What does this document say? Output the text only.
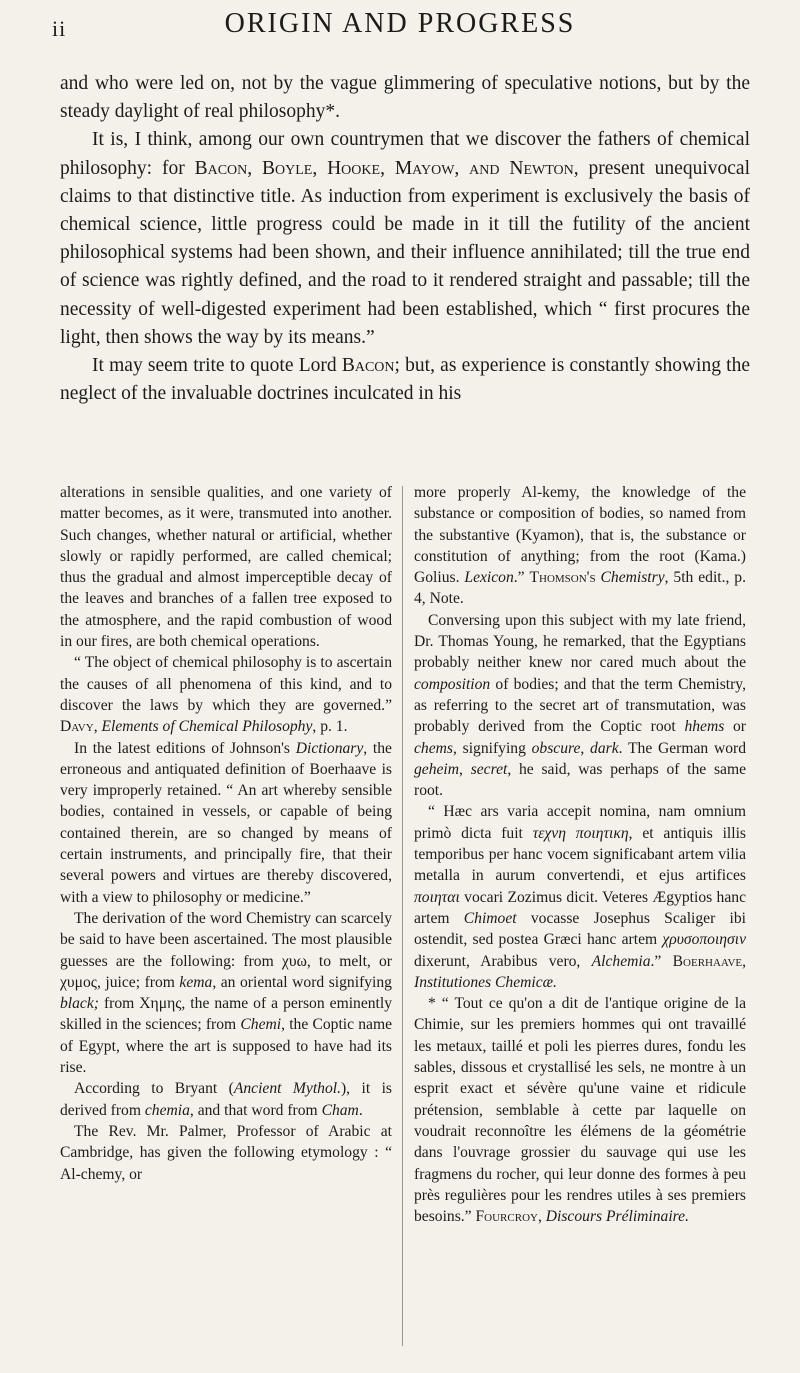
ii	ORIGIN AND PROGRESS

and who were led on, not by the vague glimmering of speculative notions, but by the steady daylight of real philosophy*.

It is, I think, among our own countrymen that we discover the fathers of chemical philosophy: for Bacon, Boyle, Hooke, Mayow, and Newton, present unequivocal claims to that distinctive title. As induction from experiment is exclusively the basis of chemical science, little progress could be made in it till the futility of the ancient philosophical systems had been shown, and their influence annihilated; till the true end of science was rightly defined, and the road to it rendered straight and passable; till the necessity of well-digested experiment had been established, which “ first procures the light, then shows the way by its means.”

It may seem trite to quote Lord Bacon; but, as experience is constantly showing the neglect of the invaluable doctrines inculcated in his

alterations in sensible qualities, and one variety of matter becomes, as it were, transmuted into another. Such changes, whether natural or artificial, whether slowly or rapidly performed, are called chemical; thus the gradual and almost imperceptible decay of the leaves and branches of a fallen tree exposed to the atmosphere, and the rapid combustion of wood in our fires, are both chemical operations.

“ The object of chemical philosophy is to ascertain the causes of all phenomena of this kind, and to discover the laws by which they are governed.” Davy, Elements of Chemical Philosophy, p. 1.

In the latest editions of Johnson's Dictionary, the erroneous and antiquated definition of Boerhaave is very improperly retained. “ An art whereby sensible bodies, contained in vessels, or capable of being contained therein, are so changed by means of certain instruments, and principally fire, that their several powers and virtues are thereby discovered, with a view to philosophy or medicine.”

The derivation of the word Chemistry can scarcely be said to have been ascertained. The most plausible guesses are the following: from χυω, to melt, or χυμος, juice; from kema, an oriental word signifying black; from Χημης, the name of a person eminently skilled in the sciences; from Chemi, the Coptic name of Egypt, where the art is supposed to have had its rise.

According to Bryant (Ancient Mythol.), it is derived from chemia, and that word from Cham.

The Rev. Mr. Palmer, Professor of Arabic at Cambridge, has given the following etymology : “ Al-chemy, or

more properly Al-kemy, the knowledge of the substance or composition of bodies, so named from the substantive (Kyamon), that is, the substance or constitution of anything; from the root (Kama.) Golius. Lexicon.” Thomson's Chemistry, 5th edit., p. 4, Note.

Conversing upon this subject with my late friend, Dr. Thomas Young, he remarked, that the Egyptians probably neither knew nor cared much about the composition of bodies; and that the term Chemistry, as referring to the secret art of transmutation, was probably derived from the Coptic root hhems or chems, signifying obscure, dark. The German word geheim, secret, he said, was perhaps of the same root.

“ Hæc ars varia accepit nomina, nam omnium primò dicta fuit τεχνη ποιητικη, et antiquis illis temporibus per hanc vocem significabant artem vilia metalla in aurum convertendi, et ejus artifices ποιηται vocari Zozimus dicit. Veteres Ægyptios hanc artem Chimoet vocasse Josephus Scaliger ibi ostendit, sed postea Græci hanc artem χρυσοποιησιν dixerunt, Arabibus vero, Alchemia.” Boerhaave, Institutiones Chemicæ.

* “ Tout ce qu'on a dit de l'antique origine de la Chimie, sur les premiers hommes qui ont travaillé les metaux, taillé et poli les pierres dures, fondu les sables, dissous et crystallisé les sels, ne montre à un esprit exact et sévère qu'une vaine et ridicule prétension, semblable à cette par laquelle on voudrait reconnoître les élémens de la géométrie dans l'ouvrage grossier du sauvage qui use les fragmens du rocher, qui leur donne des formes à peu près regulières pour les rendres utiles à ses premiers besoins.” Fourcroy, Discours Préliminaire.
